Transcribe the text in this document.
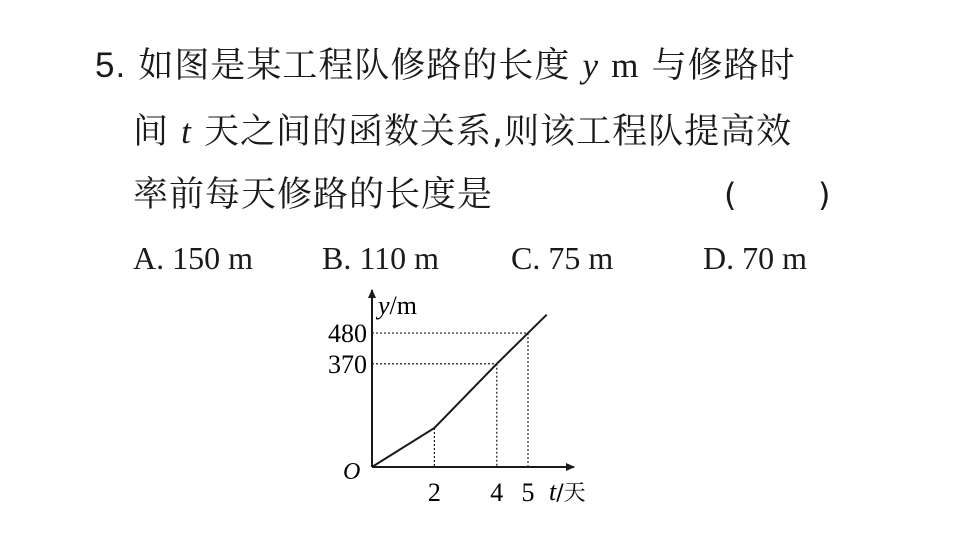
5. 如图是某工程队修路的长度 y m 与修路时
间 t 天之间的函数关系,则该工程队提高效
率前每天修路的长度是	(	)
A. 150 m B. 110 m C. 75 m	D. 70 m
2 4 5
480
370
O
y/m
t/天
